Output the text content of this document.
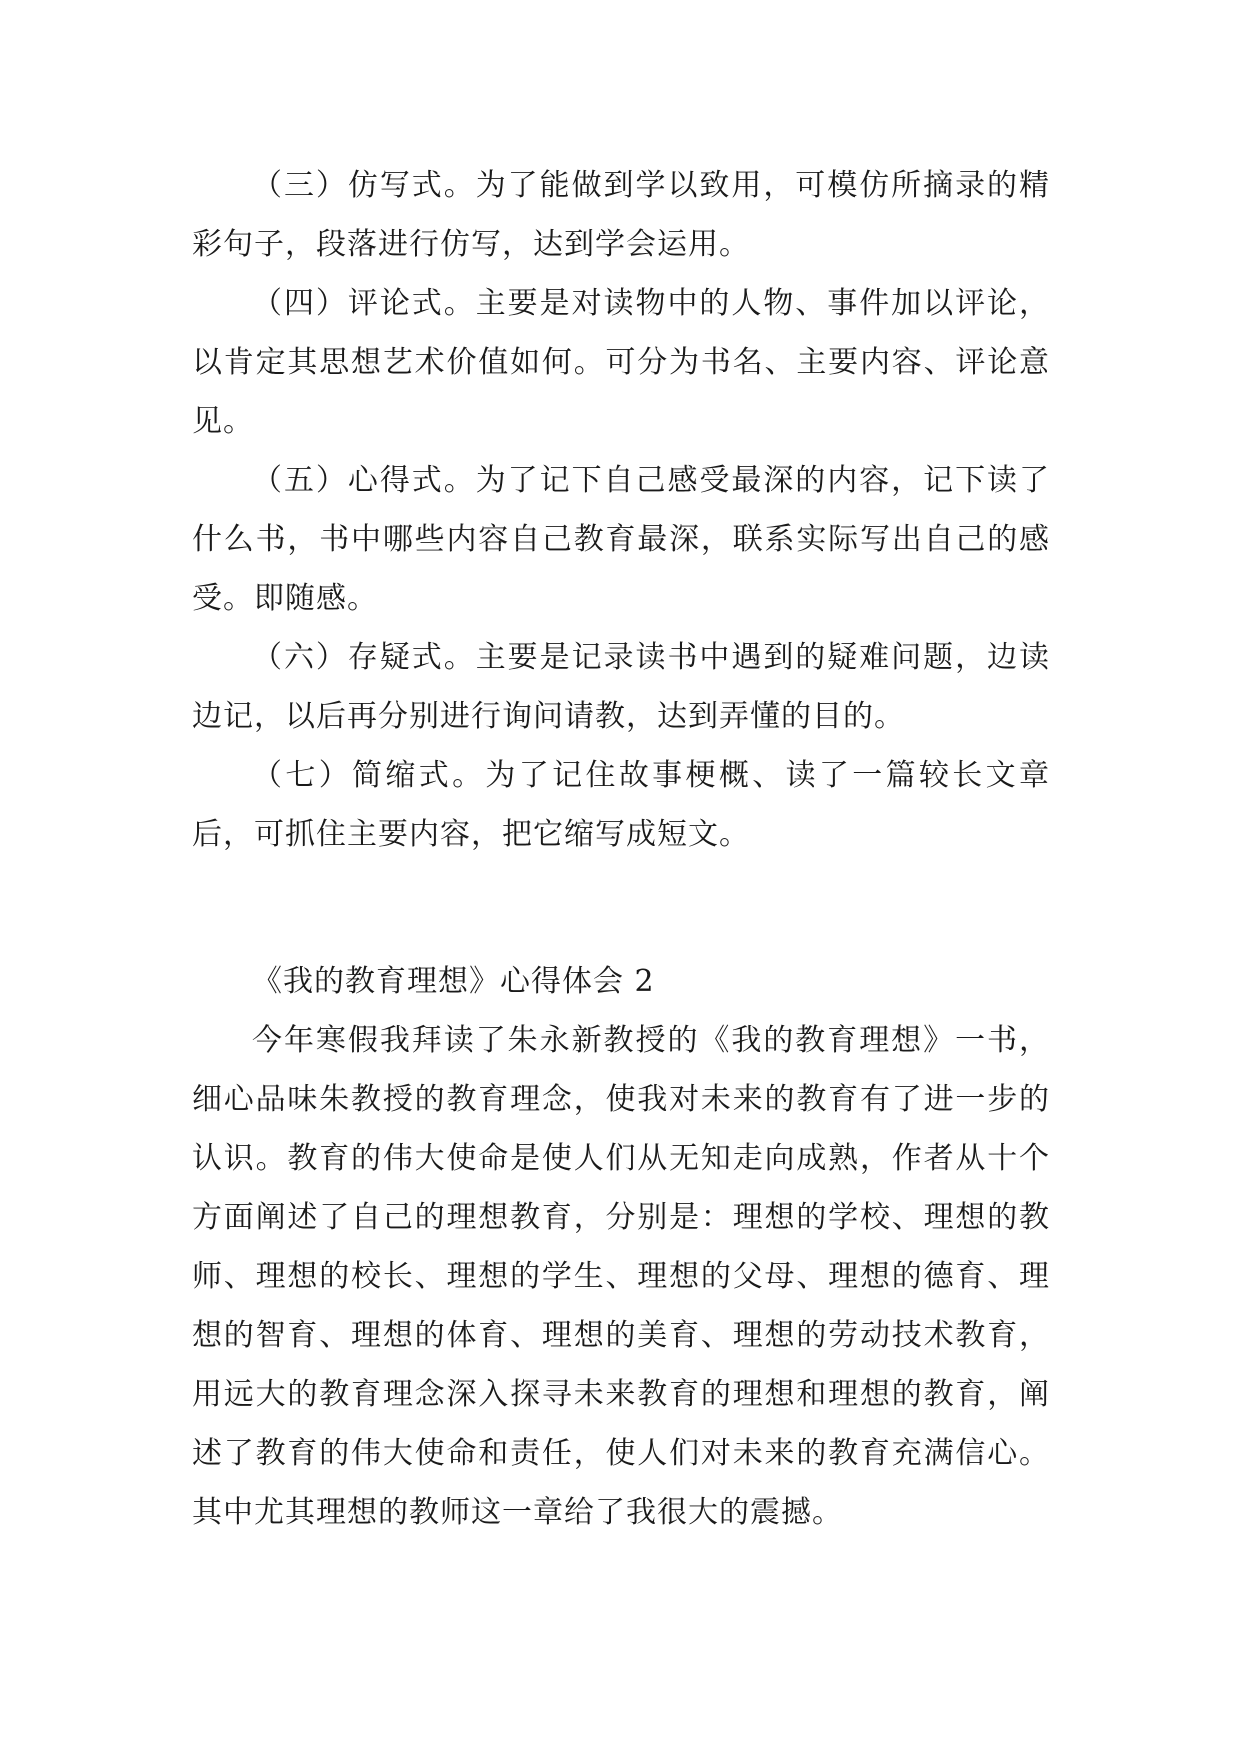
（三）仿写式。为了能做到学以致用，可模仿所摘录的精彩句子，段落进行仿写，达到学会运用。

（四）评论式。主要是对读物中的人物、事件加以评论，以肯定其思想艺术价值如何。可分为书名、主要内容、评论意见。

（五）心得式。为了记下自己感受最深的内容，记下读了什么书，书中哪些内容自己教育最深，联系实际写出自己的感受。即随感。

（六）存疑式。主要是记录读书中遇到的疑难问题，边读边记，以后再分别进行询问请教，达到弄懂的目的。

（七）简缩式。为了记住故事梗概、读了一篇较长文章后，可抓住主要内容，把它缩写成短文。

《我的教育理想》心得体会 2

今年寒假我拜读了朱永新教授的《我的教育理想》一书，细心品味朱教授的教育理念，使我对未来的教育有了进一步的认识。教育的伟大使命是使人们从无知走向成熟，作者从十个方面阐述了自己的理想教育，分别是：理想的学校、理想的教师、理想的校长、理想的学生、理想的父母、理想的德育、理想的智育、理想的体育、理想的美育、理想的劳动技术教育，用远大的教育理念深入探寻未来教育的理想和理想的教育，阐述了教育的伟大使命和责任，使人们对未来的教育充满信心。其中尤其理想的教师这一章给了我很大的震撼。
